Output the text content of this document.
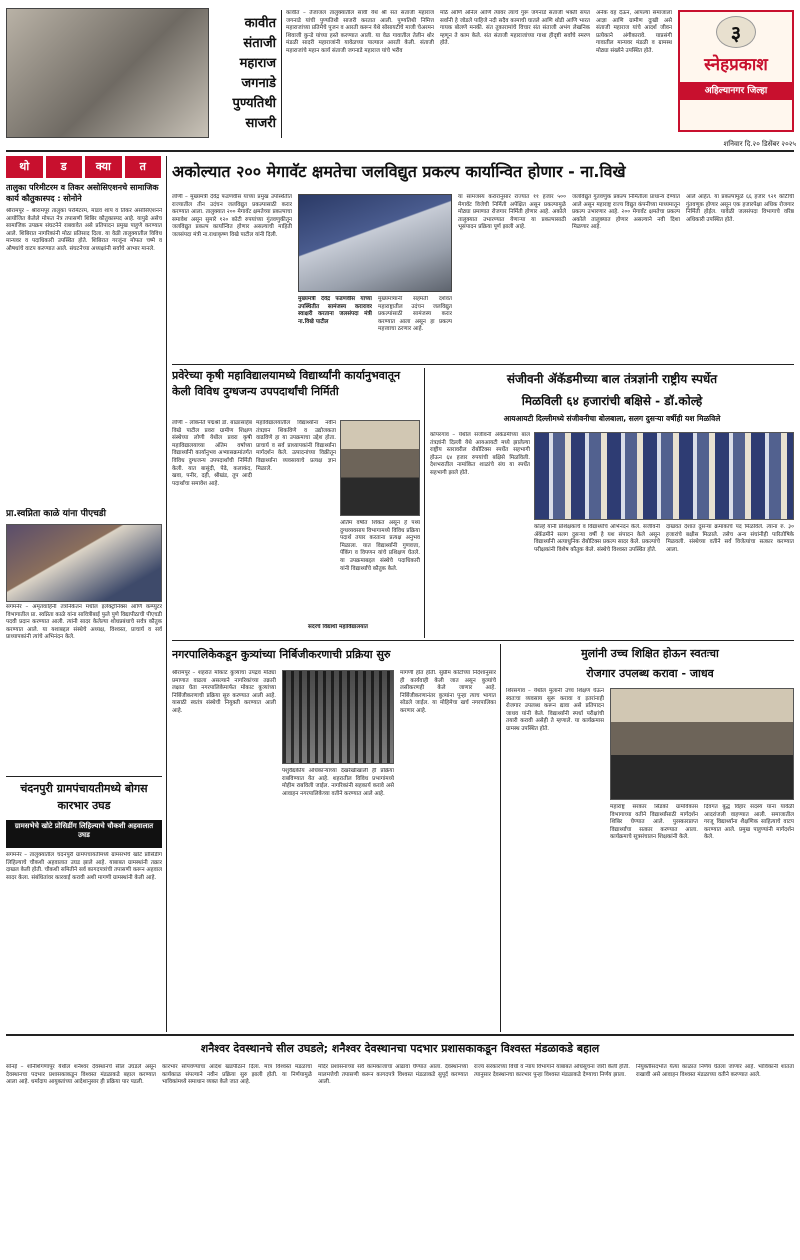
कावीत
संताजी
महाराज
जगनाडे
पुण्यतिथी
साजरी
कावीत – तेजाजल तालुक्यातील सावी येथे श्री संत संताजी महाराज जगनाडे यांची पुण्यतिथी साजरी करतात आली. पुण्यतिथी निमित्त महाराजांच्या प्रतिमेचे पूजन व आरती करून येथे सोसायटीचे माजी चेअरमन शिवाजी कुन्डे यांच्या हस्ते करण्यात आली. या वेळ गावातील तेलीन थोर मंडळी सादरी महाराजांनी यावेळच्या पाल्याल आरती केली. संताजी महाराजांचे महान कार्य संताजी जगनाडे महाराज यांचे भरीव
मोठे आणि अनिल आणि त्यावर त्यांचे गुरू जगनाडे संताजी भक्ती संपत सर्वांनी हे जोडले पाहिजे नदी सदैव कामाची घातले आणि थोडी आणि भारत गायक बोलणे मनकी. संत तुकारामांचे विचार संत संताजी अभंग लेखनिक म्हणून ते काम केले. संत संताजी महाराजांच्या गाथा हीदृष्टी सर्वांचे स्मरण होते.
अनेक वह देऊन, आपल्या समाजाला आज्ञा आणि ग्रामीण दुःखी असे संताजी महाराज यांचे आदर्श जीवन प्रत्येकाने अंगीकारावे. याप्रसंगी गावातील मान्यवर मंडळी व ग्रामस्थ मोठ्या संख्येने उपस्थित होते.
३
स्नेहप्रकाश
अहिल्यानगर जिल्हा
शनिवार दि.२० डिसेंबर २०२५
थो	ड	क्या	त
तालुका परिमीटरम व तिकर असोसिएशनचे सामाजिक कार्य कौतुकास्पद : सोनोने
श्रीरामपूर – श्रीरामपूर तालुका परमिटरम, मांडव शाप व तिकर असोसिएशनने आयोजित केलेले मोफत नेत्र तपासणी शिबिर कौतुकास्पद आहे. यापुढे असेच सामाजिक उपक्रम संघटनेने राबवावेत असे प्रतिपादन प्रमुख पाहुणे करण्यात आले. शिबिरात नागरिकांनी मोठा प्रतिसाद दिला. या वेळी तालुक्यातील विविध मान्यवर व पदाधिकारी उपस्थित होते. शिबिरात गरजूंना मोफत चष्मे व औषधांचे वाटप करण्यात आले. संघटनेच्या अध्यक्षांनी सर्वांचे आभार मानले.
प्रा.स्वप्निता काळे यांना पीएचडी
संगमनेर – अमृतवाहिनी तंत्रनिकेतन मधील इलेक्ट्रॉनिक्स आणि कम्प्युटर विभागातील प्रा. स्वप्निता काळे यांना सावित्रीबाई फुले पुणे विद्यापीठाची पीएचडी पदवी प्रदान करण्यात आली. त्यांनी सादर केलेल्या शोधप्रबंधाचे सर्वत्र कौतुक करण्यात आले. या यशाबद्दल संस्थेचे अध्यक्ष, विश्वस्त, प्राचार्य व सर्व प्राध्यापकांनी त्यांचे अभिनंदन केले.
चंदनपुरी ग्रामपंचायतीमध्ये बोगस कारभार उघड
ग्रामसभेचे खोटे प्रोसिडींग लिहिल्याचे चौकशी अहवालात उघड
संगमनेर – तालुक्यातील चंदनपुरी ग्रामपंचायतीमध्ये ग्रामसभेचे खोटे प्रोसिडींग लिहिल्याचे चौकशी अहवालात उघड झाले आहे. याबाबत ग्रामस्थांनी तक्रार दाखल केली होती. चौकशी समितीने सर्व कागदपत्रांची तपासणी करून अहवाल सादर केला. संबंधितांवर कारवाई करावी अशी मागणी ग्रामस्थांनी केली आहे.
अकोल्यात २०० मेगावॅट क्षमतेचा जलविद्युत प्रकल्प कार्यान्वित होणार - ना.विखे
लोणी – मुख्यमंत्री देवेंद्र फडणवीस यांच्या प्रमुख उपस्थितीत राज्यातील तीन उदंचन जलविद्युत प्रकल्पासाठी करार करण्यात आला. तालुक्यात २०० मेगावॅट क्षमतेच्या प्रकल्पाचा समावेश असून सुमारे १२० कोटी रुपयांच्या गुंतवणुकीतून जलविद्युत प्रकल्प कार्यान्वित होणार असल्याची माहिती जलसंपदा मंत्री ना.राधाकृष्ण विखे पाटील यांनी दिली.
मुख्यमंत्री देवेंद्र फडणवीस यांच्या उपस्थितीत सामंजस्य करारावर स्वाक्षरी करताना जलसंपदा मंत्री ना.विखे पाटील
मुख्यमंत्र्यांनी सहमती दर्शवत महाराष्ट्रातील उदंचन जलविद्युत प्रकल्पांसाठी सामंजस्य करार करण्यात आला असून हा प्रकल्प महत्त्वाचा ठरणार आहे.
या सामंजस्य करारानुसार राज्यात ११ हजार ५०० मेगावॅट विजेची निर्मिती अपेक्षित असून प्रकल्पामुळे मोठ्या प्रमाणात रोजगार निर्मिती होणार आहे. अकोले तालुक्यात उभारण्यात येणाऱ्या या प्रकल्पासाठी भूसंपादन प्रक्रिया पूर्ण झाली आहे.
जलविद्युत गुंतवणुक प्रकल्प निर्मितीला प्राधान्य देण्यात आले असून महाराष्ट्र राज्य विद्युत कंपनीच्या माध्यमातून प्रकल्प उभारणार आहे. २०० मेगावॅट क्षमतेचा प्रकल्प अकोले तालुक्यात होणार असल्याने नवी दिशा मिळणार आहे.
आले आहेत. या प्रकल्पामुळे ६६ हजार ९२१ कोटींची गुंतवणूक होणार असून एक हजारपेक्षा अधिक रोजगार निर्मिती होईल. यावेळी जलसंपदा विभागाचे वरिष्ठ अधिकारी उपस्थित होते.
प्रवेरेच्या कृषी महाविद्यालयामध्ये विद्यार्थ्यांनी कार्यानुभवातून केली विविध दुग्धजन्य उपपदार्थांची निर्मिती
लोणी – लोकनेते पद्मश्री डॉ. बाळासाहेब विखे पाटील प्रवरा ग्रामीण शिक्षण संस्थेच्या लोणी येथील प्रवरा कृषी महाविद्यालयाच्या अंतिम वर्षाच्या विद्यार्थ्यांनी कार्यानुभव अभ्यासक्रमांतर्गत विविध दुग्धजन्य उपपदार्थांची निर्मिती केली. यात बासुंदी, पेढे, कलाकंद, खवा, पनीर, दही, श्रीखंड, तूप आदी पदार्थांचा समावेश आहे.
महाविद्यालयातील विद्यार्थ्यांना नवीन तंत्रज्ञान शिकविणे व उद्योजकता वाढविणे हा या उपक्रमाचा उद्देश होता. प्राचार्य व सर्व प्राध्यापकांनी विद्यार्थ्यांना मार्गदर्शन केले. उत्पादनांच्या विक्रीतून विद्यार्थ्यांना व्यवसायाचे प्रत्यक्ष ज्ञान मिळाले.
अंतिम वर्षात शिकत असून हे पथ्य दुग्धव्यवसाय विभागामध्ये विविध प्रक्रिया पदार्थ तयार करताना प्रत्यक्ष अनुभव मिळाला. यात विद्यार्थ्यांनी गुणवत्ता, पॅकिंग व विपणन यांचे प्रशिक्षण घेतले. या उपक्रमाबद्दल संस्थेचे पदाधिकारी यांनी विद्यार्थ्यांचे कौतुक केले.
सदरचे विद्यार्थी महाविद्यालयात
संजीवनी ॲकॅडमीच्या बाल तंत्रज्ञांनी राष्ट्रीय स्पर्धेत
मिळविली ६४ हजारांची बक्षिसे - डॉ.कोल्हे
आयआयटी दिल्लीमध्ये संजीवनीचा बोलबाला, सलग दुसऱ्या वर्षीही यश मिळविले
कोपरगांव – येथील संजीवनी ॲकॅडमीच्या बाल तंत्रज्ञांनी दिल्ली येथे आयआयटी मध्ये झालेल्या राष्ट्रीय स्तरावरील रोबोटिक्स स्पर्धेत सहभागी होऊन ६४ हजार रुपयांची बक्षिसे मिळविली. देशभरातील नामांकित शाळांचे संघ या स्पर्धेत सहभागी झाले होते.
कोल्हे यांनी प्रशिक्षकांचे व विद्यार्थ्यांचे अभिनंदन केले. संजीवनी ॲकॅडमीने सलग दुसऱ्या वर्षी हे यश संपादन केले असून विद्यार्थ्यांनी अत्याधुनिक रोबोटिक्स प्रकल्प सादर केले. प्रकल्पांचे परीक्षकांनी विशेष कौतुक केले. संस्थेचे विश्वस्त उपस्थित होते.
दाखवत देशात दुसऱ्या क्रमांकाचे पद मिळविले. त्यांना रु. ३० हजारांचे बक्षीस मिळाले. तसेच अन्य संघांनीही पारितोषिके मिळवली. संस्थेच्या वतीने सर्व विजेत्यांचा सत्कार करण्यात आला.
नगरपालिकेकडून कुत्र्यांच्या निर्बिजीकरणाची प्रक्रिया सुरु
श्रीरामपूर – शहरात मोकाट कुत्र्यांचा उपद्रव मोठ्या प्रमाणात वाढला असल्याने नागरिकांच्या तक्रारी लक्षात घेता नगरपालिकेमार्फत मोकाट कुत्र्यांच्या निर्बिजीकरणाची प्रक्रिया सुरु करण्यात आली आहे. यासाठी स्वतंत्र संस्थेची नियुक्ती करण्यात आली आहे.
पशुवैद्यकीय अधिकाऱ्यांच्या देखरेखीखाली ही प्रक्रिया राबविण्यात येत आहे. शहरातील विविध प्रभागांमध्ये मोहीम राबविली जाईल. नागरिकांनी सहकार्य करावे असे आवाहन नगरपालिकेच्या वतीने करण्यात आले आहे.
मागणी होत होती. सुप्रीम कोर्टाच्या निर्देशानुसार ही कार्यवाही केली जात असून कुत्र्यांचे लसीकरणही केले जाणार आहे. निर्बिजीकरणानंतर कुत्र्यांना पुन्हा त्याच भागात सोडले जाईल. या मोहिमेचा खर्च नगरपालिका करणार आहे.
मुलांनी उच्च शिक्षित होऊन स्वतःचा
रोजगार उपलब्ध करावा - जाधव
शिरसगाव – येथील मुलांनी उच्च शिक्षण घेऊन स्वतःचा व्यवसाय सुरू करावा व इतरांनाही रोजगार उपलब्ध करून द्यावा असे प्रतिपादन जाधव यांनी केले. विद्यार्थ्यांनी स्पर्धा परीक्षांची तयारी करावी असेही ते म्हणाले. या कार्यक्रमास ग्रामस्थ उपस्थित होते.
महाराष्ट्र सरकार सिडको ग्रामविकास विभागाच्या वतीने विद्यार्थ्यांसाठी मार्गदर्शन शिबिर घेण्यात आले. पुरस्कारप्राप्त विद्यार्थ्यांचा सत्कार करण्यात आला. कार्यक्रमाचे सूत्रसंचालन शिक्षकांनी केले.
दिवंगत बुद्ध विहार सदस्य यांना यावेळी आदरांजली वाहण्यात आली. समाजातील गरजू विद्यार्थ्यांना शैक्षणिक साहित्याचे वाटप करण्यात आले. प्रमुख पाहुण्यांनी मार्गदर्शन केले.
शनैश्वर देवस्थानचे सील उघडले; शनैश्वर देवस्थानचा पदभार प्रशासकाकडून विश्वस्त मंडळाकडे बहाल
सोनई – शनिशिंगणापूर येथील शनैश्वर देवस्थानचे सील उघडले असून देवस्थानचा पदभार प्रशासकाकडून विश्वस्त मंडळाकडे बहाल करण्यात आला आहे. धर्मादाय आयुक्तांच्या आदेशानुसार ही प्रक्रिया पार पडली.
कारभार सोपवण्याचा आदेश खंडपीठाने दिला. मात्र विश्वस्त मंडळाचा कार्यकाळ संपल्याने नवीन प्रक्रिया सुरु झाली होती. या निर्णयामुळे भाविकांमध्ये समाधान व्यक्त केले जात आहे.
मंदिर प्रशासनाच्या सर्व कामकाजाचा आढावा घेण्यात आला. देवस्थानच्या मालमत्तेची तपासणी करून कागदपत्रे विश्वस्त मंडळाकडे सुपूर्द करण्यात आली.
राज्य सरकारच्या विधी व न्याय विभागाने याबाबत अधिसूचना जारी केली होती. त्यानुसार देवस्थानचा कारभार पुन्हा विश्वस्त मंडळाकडे देण्याचा निर्णय झाला.
नियुक्तीसंदर्भात येत्या काळात निर्णय घेतला जाणार आहे. भाविकांनी शांतता राखावी असे आवाहन विश्वस्त मंडळाच्या वतीने करण्यात आले.
